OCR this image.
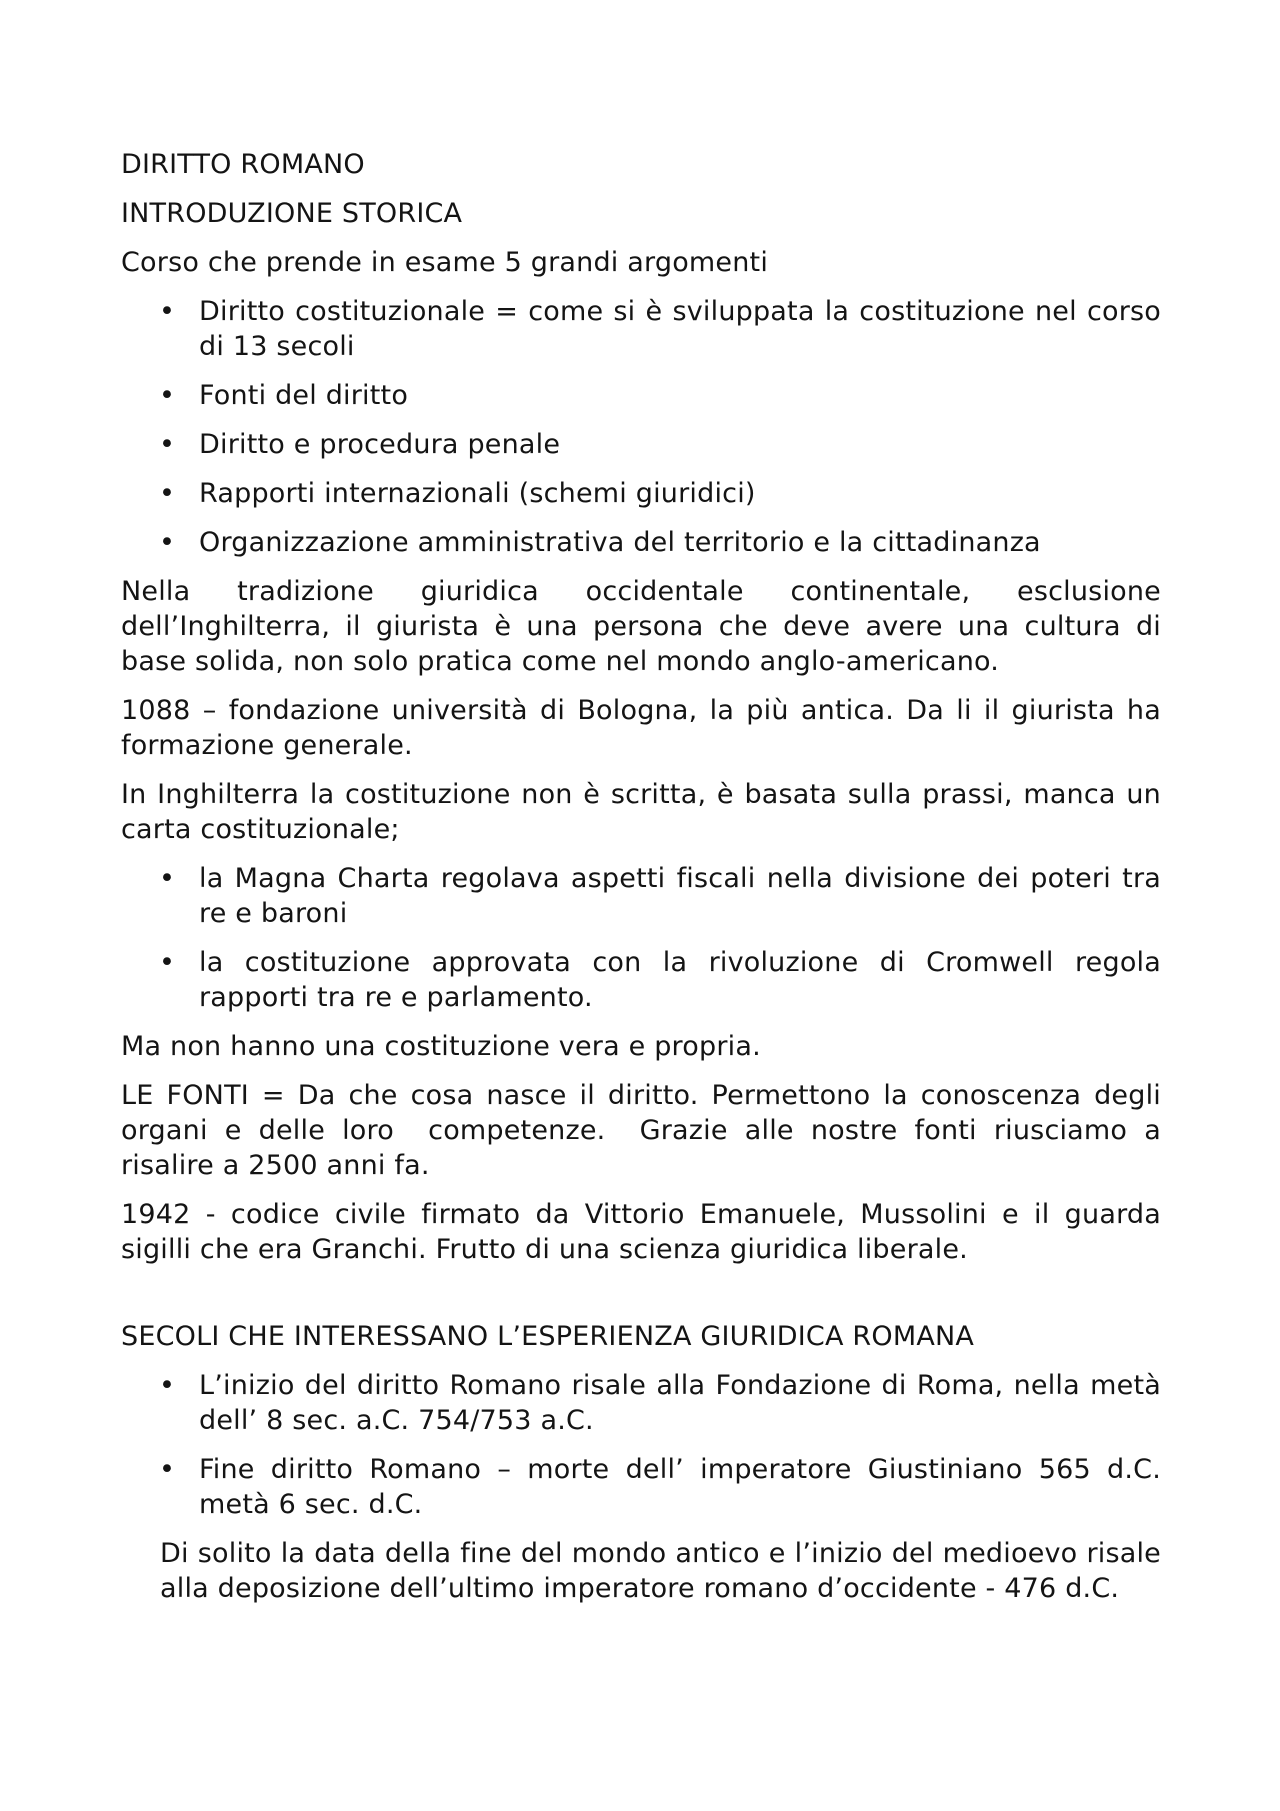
DIRITTO ROMANO

INTRODUZIONE STORICA

Corso che prende in esame 5 grandi argomenti

• Diritto costituzionale = come si è sviluppata la costituzione nel corso di 13 secoli
• Fonti del diritto
• Diritto e procedura penale
• Rapporti internazionali (schemi giuridici)
• Organizzazione amministrativa del territorio e la cittadinanza

Nella tradizione giuridica occidentale continentale, esclusione dell’Inghilterra, il giurista è una persona che deve avere una cultura di base solida, non solo pratica come nel mondo anglo-americano.

1088 – fondazione università di Bologna, la più antica. Da li il giurista ha formazione generale.

In Inghilterra la costituzione non è scritta, è basata sulla prassi, manca un carta costituzionale;

• la Magna Charta regolava aspetti fiscali nella divisione dei poteri tra re e baroni
• la costituzione approvata con la rivoluzione di Cromwell regola rapporti tra re e parlamento.

Ma non hanno una costituzione vera e propria.

LE FONTI = Da che cosa nasce il diritto. Permettono la conoscenza degli organi e delle loro  competenze.  Grazie alle nostre fonti riusciamo a risalire a 2500 anni fa.

1942 - codice civile firmato da Vittorio Emanuele, Mussolini e il guarda sigilli che era Granchi. Frutto di una scienza giuridica liberale.

SECOLI CHE INTERESSANO L’ESPERIENZA GIURIDICA ROMANA

• L’inizio del diritto Romano risale alla Fondazione di Roma, nella metà dell’ 8 sec. a.C. 754/753 a.C.
• Fine diritto Romano – morte dell’ imperatore Giustiniano 565 d.C. metà 6 sec. d.C.

Di solito la data della fine del mondo antico e l’inizio del medioevo risale alla deposizione dell’ultimo imperatore romano d’occidente - 476 d.C.
